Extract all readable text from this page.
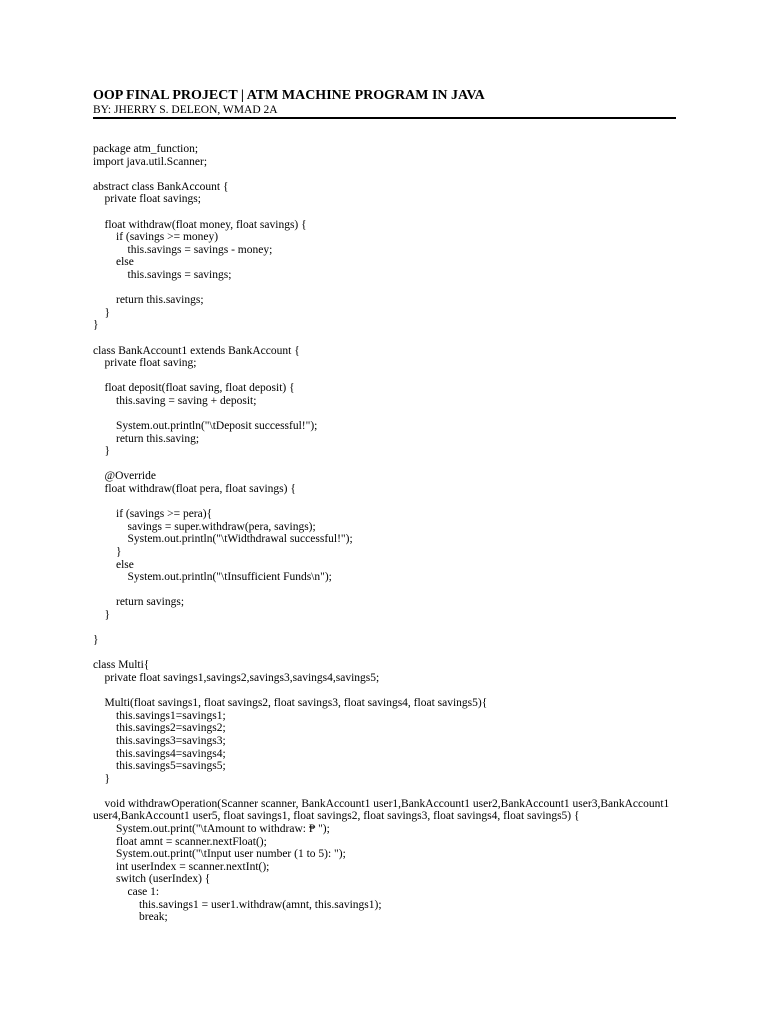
OOP FINAL PROJECT | ATM MACHINE PROGRAM IN JAVA
BY: JHERRY S. DELEON, WMAD 2A
package atm_function;
import java.util.Scanner;
abstract class BankAccount {
private float savings;
float withdraw(float money, float savings) {
if (savings >= money)
this.savings = savings - money;
else
this.savings = savings;
return this.savings;
}
}
class BankAccount1 extends BankAccount {
private float saving;
float deposit(float saving, float deposit) {
this.saving = saving + deposit;
System.out.println("\tDeposit successful!");
return this.saving;
}
@Override
float withdraw(float pera, float savings) {
if (savings >= pera){
savings = super.withdraw(pera, savings);
System.out.println("\tWidthdrawal successful!");
}
else
System.out.println("\tInsufficient Funds\n");
return savings;
}
}
class Multi{
private float savings1,savings2,savings3,savings4,savings5;
Multi(float savings1, float savings2, float savings3, float savings4, float savings5){
this.savings1=savings1;
this.savings2=savings2;
this.savings3=savings3;
this.savings4=savings4;
this.savings5=savings5;
}
void withdrawOperation(Scanner scanner, BankAccount1 user1,BankAccount1 user2,BankAccount1 user3,BankAccount1
user4,BankAccount1 user5, float savings1, float savings2, float savings3, float savings4, float savings5) {
System.out.print("\tAmount to withdraw: ₱ ");
float amnt = scanner.nextFloat();
System.out.print("\tInput user number (1 to 5): ");
int userIndex = scanner.nextInt();
switch (userIndex) {
case 1:
this.savings1 = user1.withdraw(amnt, this.savings1);
break;
